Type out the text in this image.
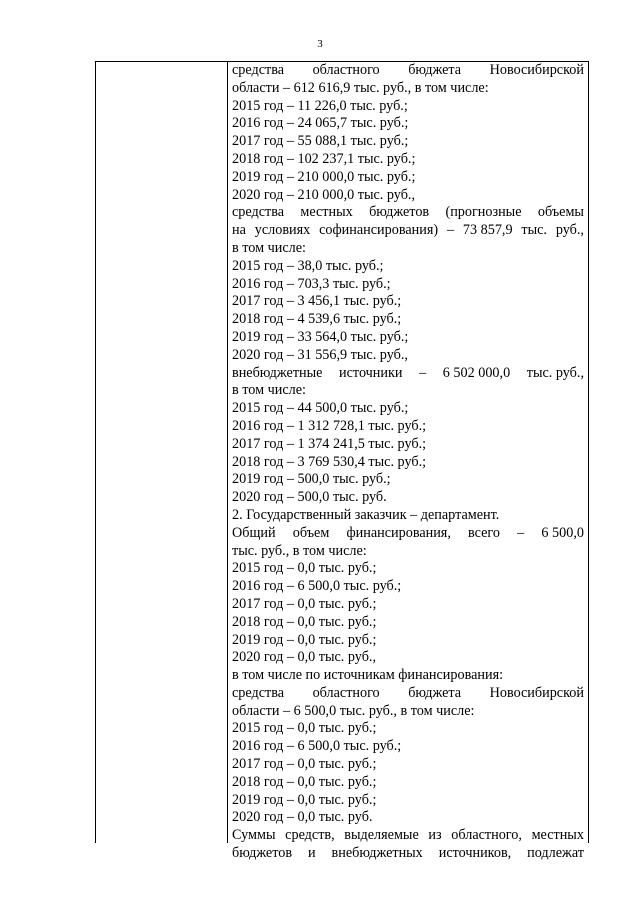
3
средства областного бюджета Новосибирской
области – 612 616,9 тыс. руб., в том числе:
2015 год – 11 226,0 тыс. руб.;
2016 год – 24 065,7 тыс. руб.;
2017 год – 55 088,1 тыс. руб.;
2018 год – 102 237,1 тыс. руб.;
2019 год – 210 000,0 тыс. руб.;
2020 год – 210 000,0 тыс. руб.,
средства местных бюджетов (прогнозные объемы
на условиях софинансирования) – 73 857,9 тыс. руб.,
в том числе:
2015 год – 38,0 тыс. руб.;
2016 год – 703,3 тыс. руб.;
2017 год – 3 456,1 тыс. руб.;
2018 год – 4 539,6 тыс. руб.;
2019 год – 33 564,0 тыс. руб.;
2020 год – 31 556,9 тыс. руб.,
внебюджетные источники – 6 502 000,0 тыс. руб.,
в том числе:
2015 год – 44 500,0 тыс. руб.;
2016 год – 1 312 728,1 тыс. руб.;
2017 год – 1 374 241,5 тыс. руб.;
2018 год – 3 769 530,4 тыс. руб.;
2019 год – 500,0 тыс. руб.;
2020 год – 500,0 тыс. руб.
2. Государственный заказчик – департамент.
Общий объем финансирования, всего – 6 500,0
тыс. руб., в том числе:
2015 год – 0,0 тыс. руб.;
2016 год – 6 500,0 тыс. руб.;
2017 год – 0,0 тыс. руб.;
2018 год – 0,0 тыс. руб.;
2019 год – 0,0 тыс. руб.;
2020 год – 0,0 тыс. руб.,
в том числе по источникам финансирования:
средства областного бюджета Новосибирской
области – 6 500,0 тыс. руб., в том числе:
2015 год – 0,0 тыс. руб.;
2016 год – 6 500,0 тыс. руб.;
2017 год – 0,0 тыс. руб.;
2018 год – 0,0 тыс. руб.;
2019 год – 0,0 тыс. руб.;
2020 год – 0,0 тыс. руб.
Суммы средств, выделяемые из областного, местных
бюджетов и внебюджетных источников, подлежат
